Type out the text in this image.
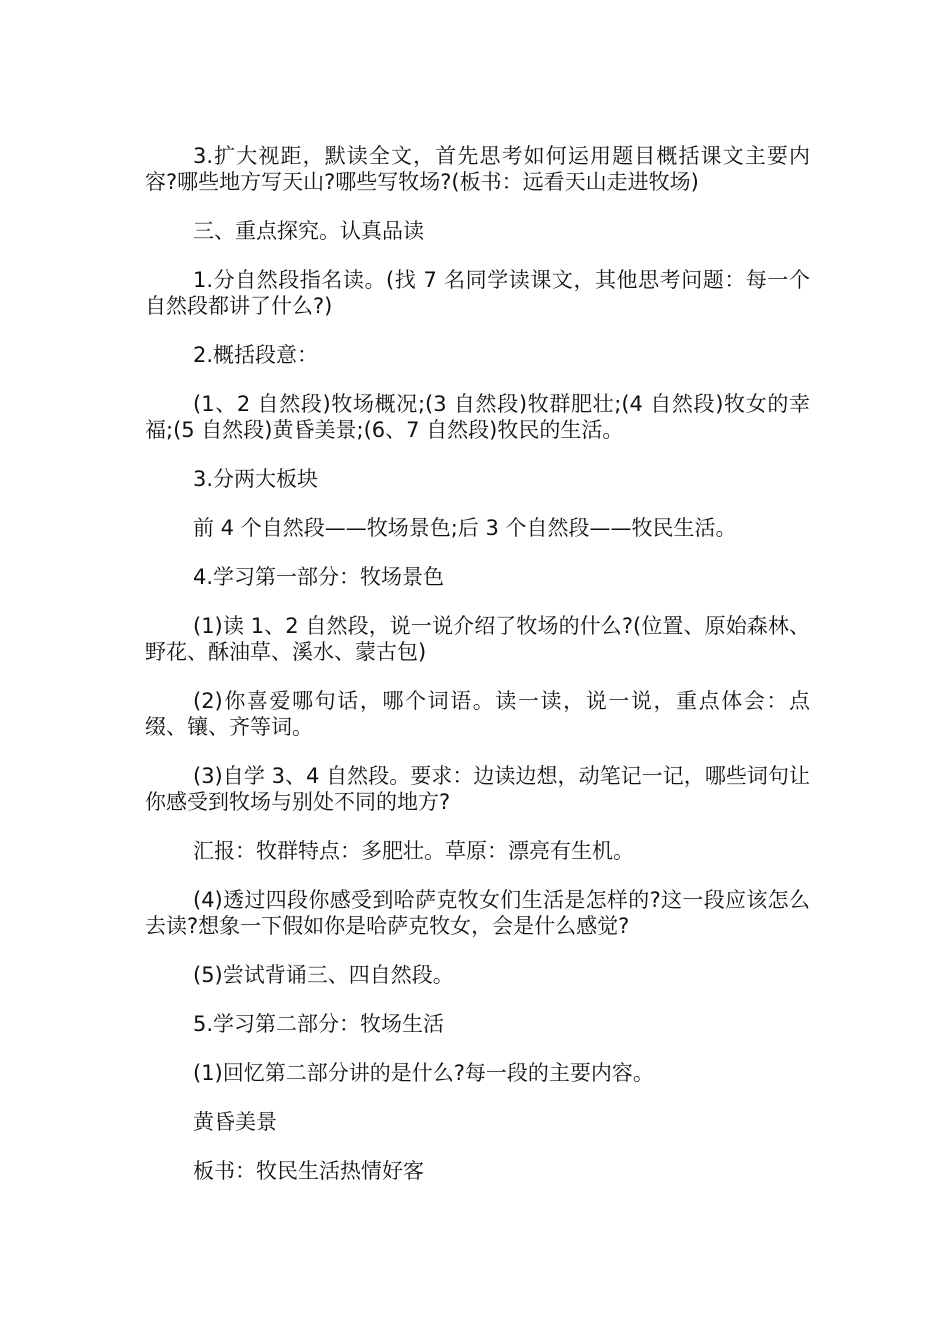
3.扩大视距，默读全文，首先思考如何运用题目概括课文主要内容?哪些地方写天山?哪些写牧场?(板书：远看天山走进牧场)

三、重点探究。认真品读

1.分自然段指名读。(找 7 名同学读课文，其他思考问题：每一个自然段都讲了什么?)

2.概括段意：

(1、2 自然段)牧场概况;(3 自然段)牧群肥壮;(4 自然段)牧女的幸福;(5 自然段)黄昏美景;(6、7 自然段)牧民的生活。

3.分两大板块

前 4 个自然段——牧场景色;后 3 个自然段——牧民生活。

4.学习第一部分：牧场景色

(1)读 1、2 自然段，说一说介绍了牧场的什么?(位置、原始森林、野花、酥油草、溪水、蒙古包)

(2)你喜爱哪句话，哪个词语。读一读，说一说，重点体会：点缀、镶、齐等词。

(3)自学 3、4 自然段。要求：边读边想，动笔记一记，哪些词句让你感受到牧场与别处不同的地方?

汇报：牧群特点：多肥壮。草原：漂亮有生机。

(4)透过四段你感受到哈萨克牧女们生活是怎样的?这一段应该怎么去读?想象一下假如你是哈萨克牧女，会是什么感觉?

(5)尝试背诵三、四自然段。

5.学习第二部分：牧场生活

(1)回忆第二部分讲的是什么?每一段的主要内容。

黄昏美景

板书：牧民生活热情好客
